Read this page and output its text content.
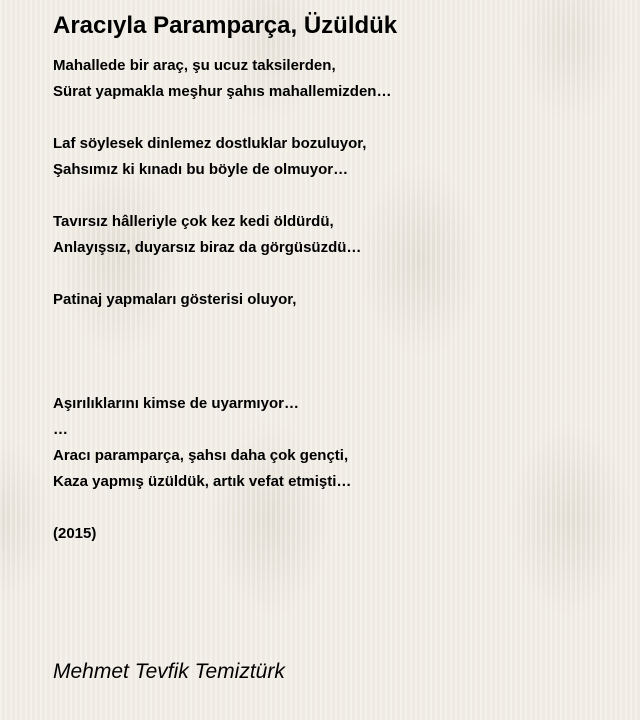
Aracıyla Paramparça, Üzüldük
Mahallede bir araç, şu ucuz taksilerden,
Sürat yapmakla meşhur şahıs mahallemizden…
Laf söylesek dinlemez dostluklar bozuluyor,
Şahsımız ki kınadı bu böyle de olmuyor…
Tavırsız hâlleriyle çok kez kedi öldürdü,
Anlayışsız, duyarsız biraz da görgüsüzdü…
Patinaj yapmaları gösterisi oluyor,
Aşırılıklarını kimse de uyarmıyor…
…
Aracı paramparça, şahsı daha çok gençti,
Kaza yapmış üzüldük, artık vefat etmişti…
(2015)
Mehmet Tevfik Temiztürk
